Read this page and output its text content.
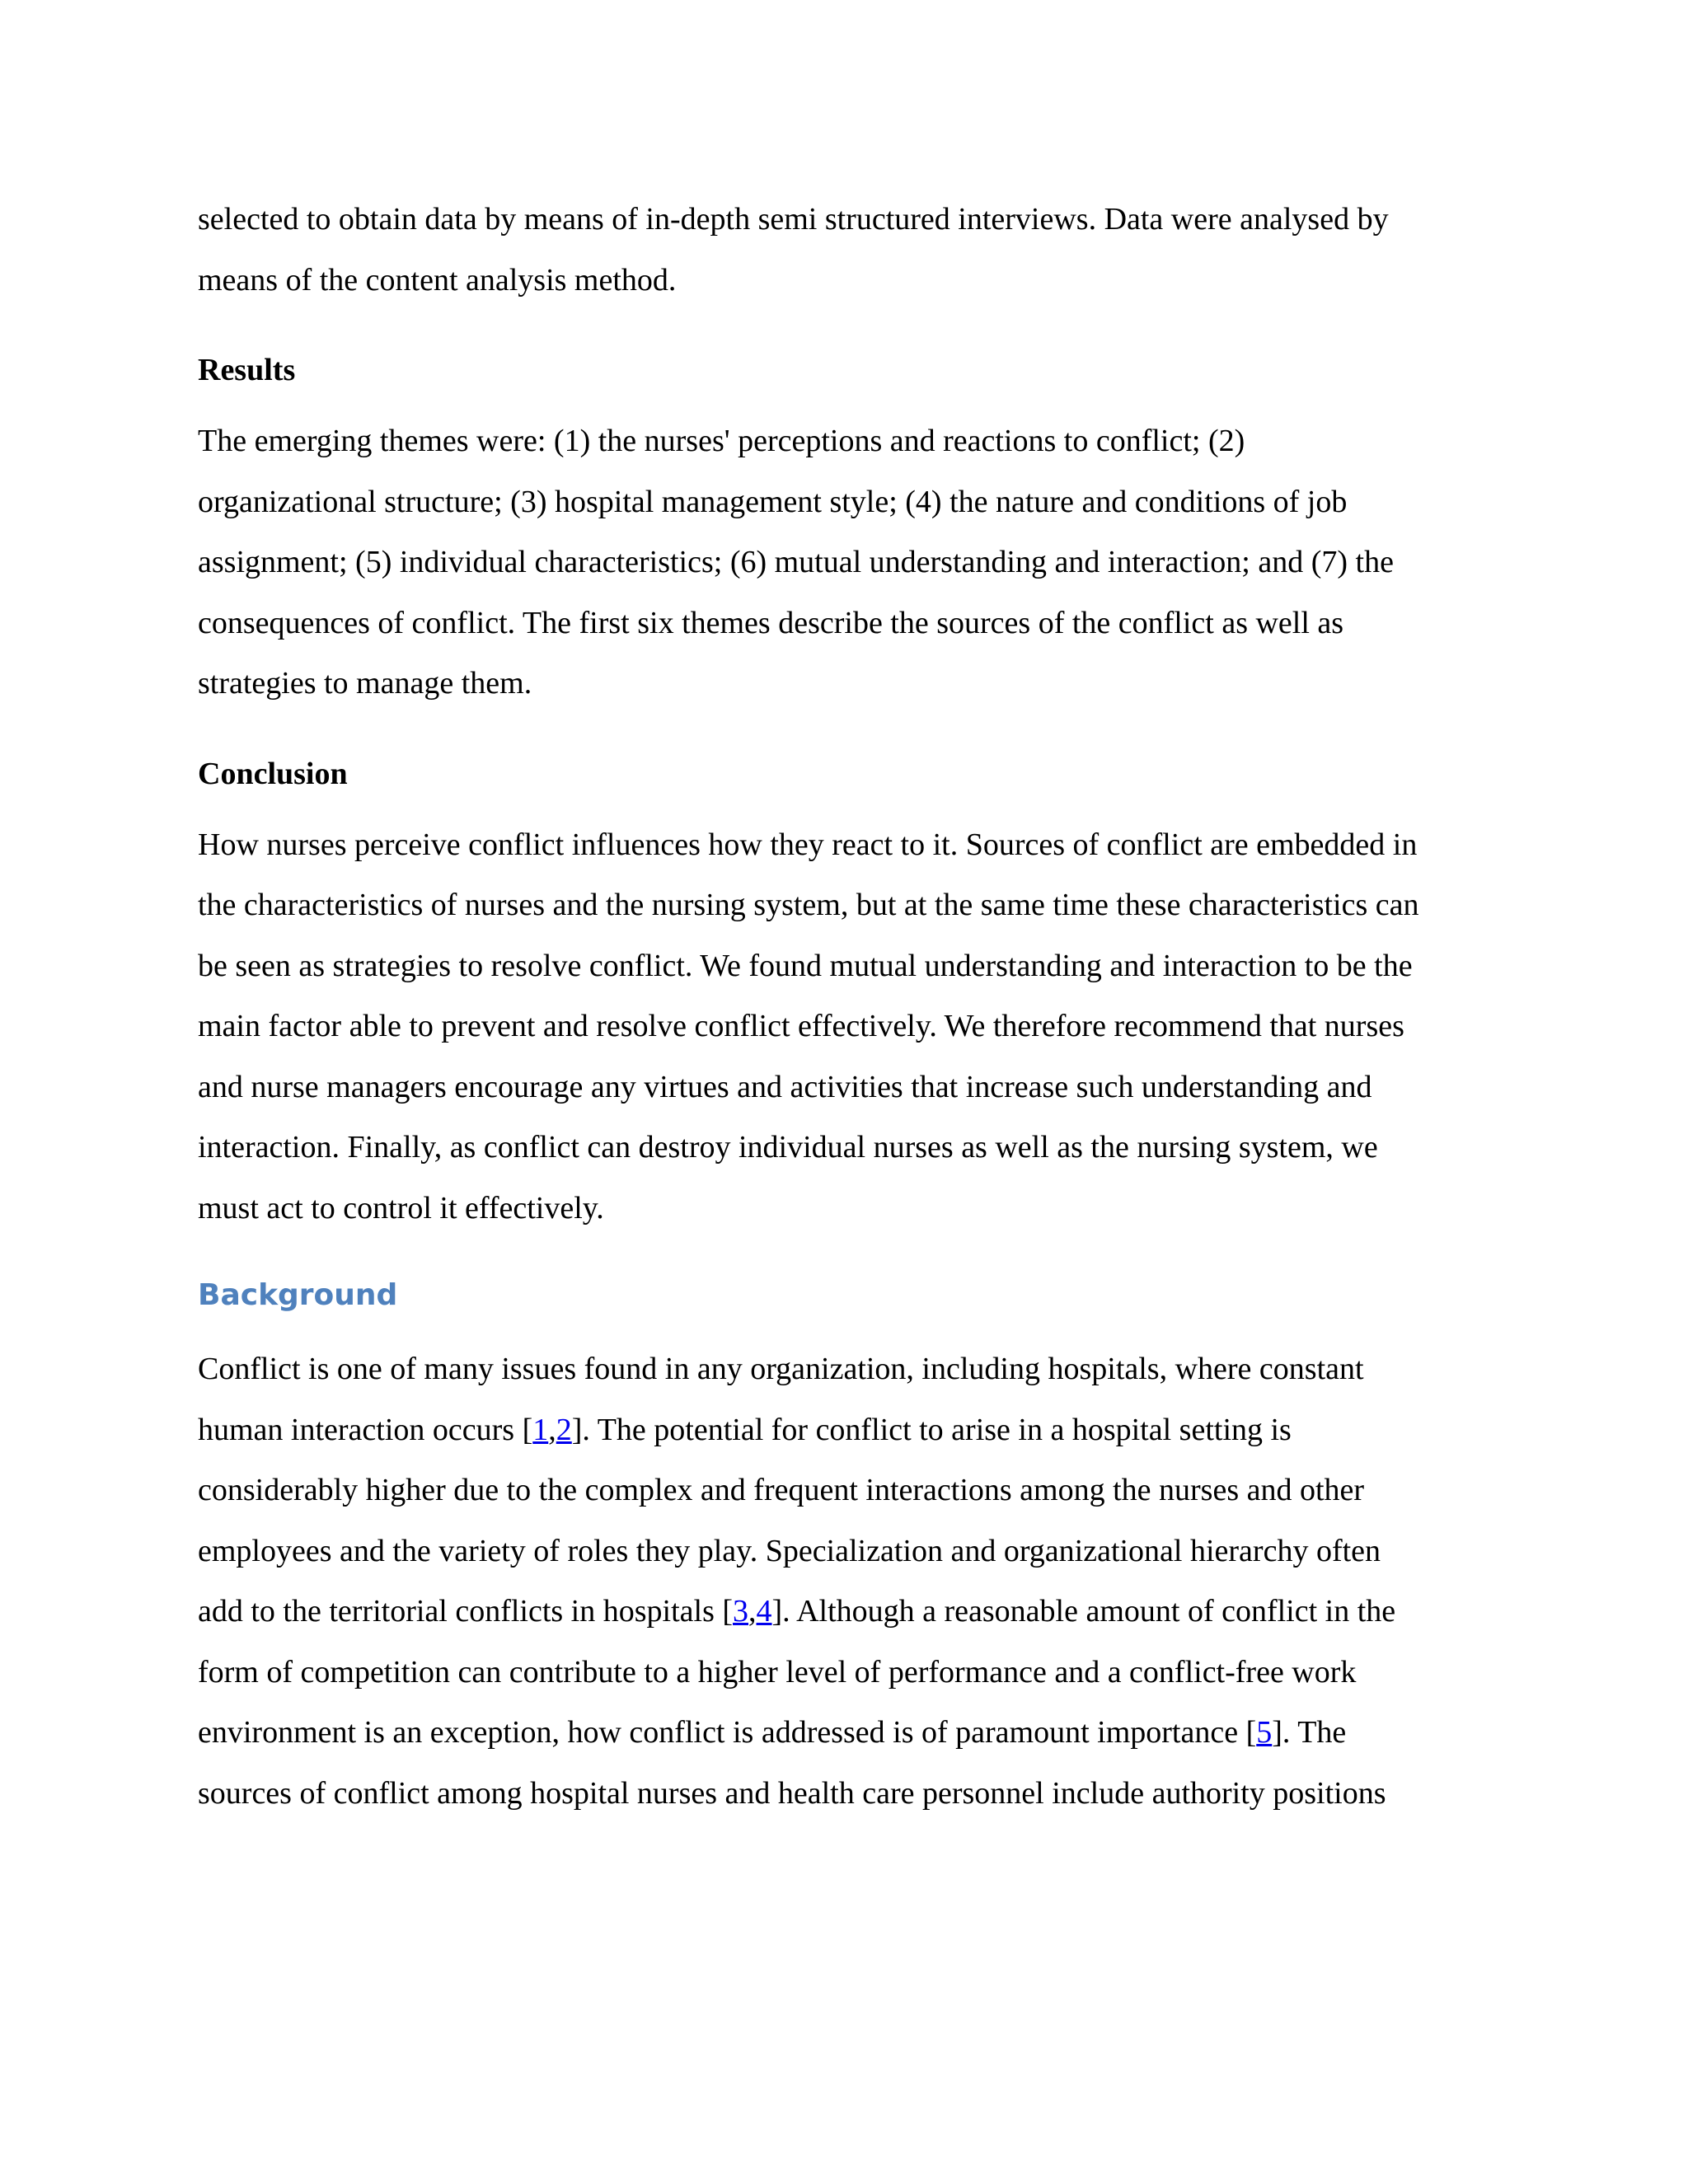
selected to obtain data by means of in-depth semi structured interviews. Data were analysed by
means of the content analysis method.
Results
The emerging themes were: (1) the nurses' perceptions and reactions to conflict; (2)
organizational structure; (3) hospital management style; (4) the nature and conditions of job
assignment; (5) individual characteristics; (6) mutual understanding and interaction; and (7) the
consequences of conflict. The first six themes describe the sources of the conflict as well as
strategies to manage them.
Conclusion
How nurses perceive conflict influences how they react to it. Sources of conflict are embedded in
the characteristics of nurses and the nursing system, but at the same time these characteristics can
be seen as strategies to resolve conflict. We found mutual understanding and interaction to be the
main factor able to prevent and resolve conflict effectively. We therefore recommend that nurses
and nurse managers encourage any virtues and activities that increase such understanding and
interaction. Finally, as conflict can destroy individual nurses as well as the nursing system, we
must act to control it effectively.
Background
Conflict is one of many issues found in any organization, including hospitals, where constant
human interaction occurs [1,2]. The potential for conflict to arise in a hospital setting is
considerably higher due to the complex and frequent interactions among the nurses and other
employees and the variety of roles they play. Specialization and organizational hierarchy often
add to the territorial conflicts in hospitals [3,4]. Although a reasonable amount of conflict in the
form of competition can contribute to a higher level of performance and a conflict-free work
environment is an exception, how conflict is addressed is of paramount importance [5]. The
sources of conflict among hospital nurses and health care personnel include authority positions
